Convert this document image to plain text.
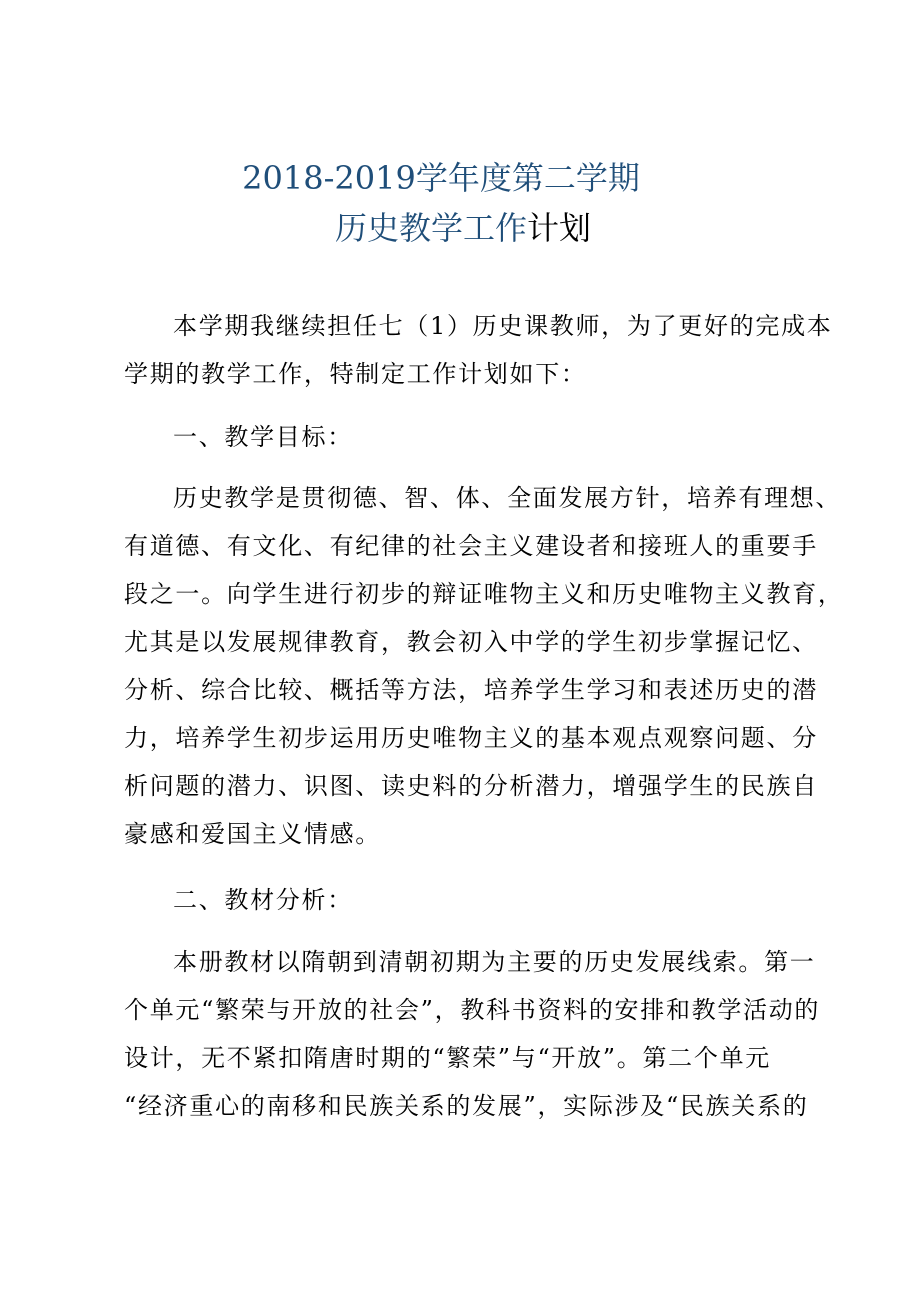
2018-2019学年度第二学期
历史教学工作计划
本学期我继续担任七（1）历史课教师，为了更好的完成本
学期的教学工作，特制定工作计划如下：
一、教学目标：
历史教学是贯彻德、智、体、全面发展方针，培养有理想、
有道德、有文化、有纪律的社会主义建设者和接班人的重要手
段之一。向学生进行初步的辩证唯物主义和历史唯物主义教育，
尤其是以发展规律教育，教会初入中学的学生初步掌握记忆、
分析、综合比较、概括等方法，培养学生学习和表述历史的潜
力，培养学生初步运用历史唯物主义的基本观点观察问题、分
析问题的潜力、识图、读史料的分析潜力，增强学生的民族自
豪感和爱国主义情感。
二、教材分析：
本册教材以隋朝到清朝初期为主要的历史发展线索。第一
个单元“繁荣与开放的社会”，教科书资料的安排和教学活动的
设计，无不紧扣隋唐时期的“繁荣”与“开放”。第二个单元
“经济重心的南移和民族关系的发展”，实际涉及“民族关系的
